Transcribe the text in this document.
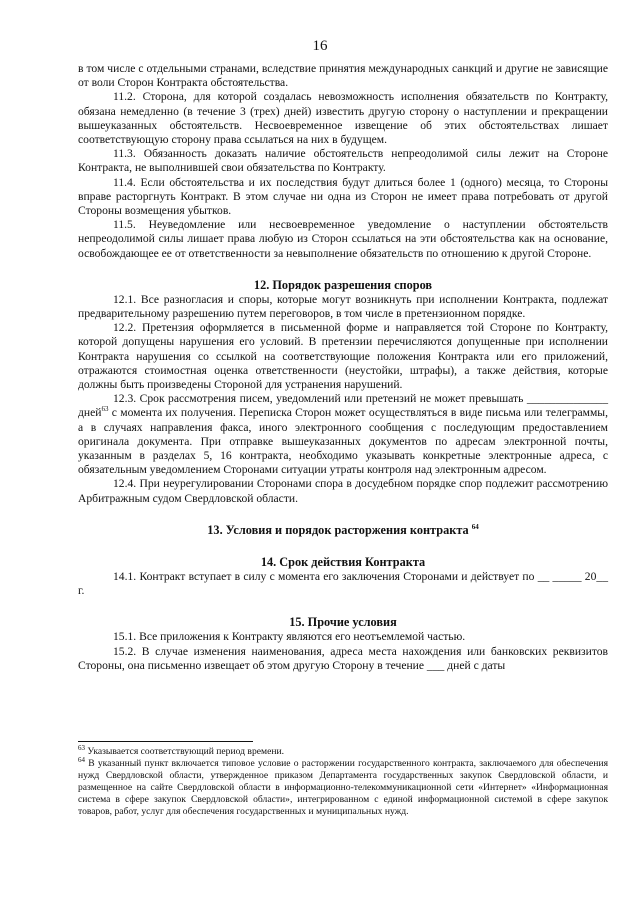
16

в том числе с отдельными странами, вследствие принятия международных санкций и другие не зависящие от воли Сторон Контракта обстоятельства.

11.2. Сторона, для которой создалась невозможность исполнения обязательств по Контракту, обязана немедленно (в течение 3 (трех) дней) известить другую сторону о наступлении и прекращении вышеуказанных обстоятельств. Несвоевременное извещение об этих обстоятельствах лишает соответствующую сторону права ссылаться на них в будущем.

11.3. Обязанность доказать наличие обстоятельств непреодолимой силы лежит на Стороне Контракта, не выполнившей свои обязательства по Контракту.

11.4. Если обстоятельства и их последствия будут длиться более 1 (одного) месяца, то Стороны вправе расторгнуть Контракт. В этом случае ни одна из Сторон не имеет права потребовать от другой Стороны возмещения убытков.

11.5. Неуведомление или несвоевременное уведомление о наступлении обстоятельств непреодолимой силы лишает права любую из Сторон ссылаться на эти обстоятельства как на основание, освобождающее ее от ответственности за невыполнение обязательств по отношению к другой Стороне.

12. Порядок разрешения споров

12.1. Все разногласия и споры, которые могут возникнуть при исполнении Контракта, подлежат предварительному разрешению путем переговоров, в том числе в претензионном порядке.

12.2. Претензия оформляется в письменной форме и направляется той Стороне по Контракту, которой допущены нарушения его условий. В претензии перечисляются допущенные при исполнении Контракта нарушения со ссылкой на соответствующие положения Контракта или его приложений, отражаются стоимостная оценка ответственности (неустойки, штрафы), а также действия, которые должны быть произведены Стороной для устранения нарушений.

12.3. Срок рассмотрения писем, уведомлений или претензий не может превышать ______________ дней$^{63}$ с момента их получения. Переписка Сторон может осуществляться в виде письма или телеграммы, а в случаях направления факса, иного электронного сообщения с последующим предоставлением оригинала документа. При отправке вышеуказанных документов по адресам электронной почты, указанным в разделах 5, 16 контракта, необходимо указывать конкретные электронные адреса, с обязательным уведомлением Сторонами ситуации утраты контроля над электронным адресом.

12.4. При неурегулировании Сторонами спора в досудебном порядке спор подлежит рассмотрению Арбитражным судом Свердловской области.

13. Условия и порядок расторжения контракта $^{64}$

14. Срок действия Контракта

14.1. Контракт вступает в силу с момента его заключения Сторонами и действует по __ _____ 20__ г.

15. Прочие условия

15.1. Все приложения к Контракту являются его неотъемлемой частью.

15.2. В случае изменения наименования, адреса места нахождения или банковских реквизитов Стороны, она письменно извещает об этом другую Сторону в течение ___ дней с даты

$^{63}$ Указывается соответствующий период времени.

$^{64}$ В указанный пункт включается типовое условие о расторжении государственного контракта, заключаемого для обеспечения нужд Свердловской области, утвержденное приказом Департамента государственных закупок Свердловской области, и размещенное на сайте Свердловской области в информационно-телекоммуникационной сети «Интернет» «Информационная система в сфере закупок Свердловской области», интегрированном с единой информационной системой в сфере закупок товаров, работ, услуг для обеспечения государственных и муниципальных нужд.
